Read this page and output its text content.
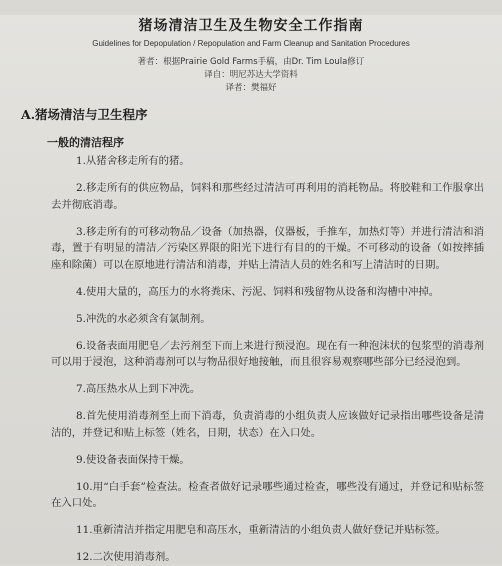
猪场清洁卫生及生物安全工作指南
Guidelines for Depopulation / Repopulation and Farm Cleanup and Sanitation Procedures
著者：根据Prairie Gold Farms手稿，由Dr. Tim Loula修订
译自：明尼苏达大学资料
译者：樊福好
A.猪场清洁与卫生程序
一般的清洁程序

1.从猪舍移走所有的猪。

2.移走所有的供应物品，饲料和那些经过清洁可再利用的消耗物品。将胶鞋和工作服拿出去并彻底消毒。

3.移走所有的可移动物品／设备（加热器，仪器板，手推车，加热灯等）并进行清洁和消毒，置于有明显的清洁／污染区界限的阳光下进行有目的的干燥。不可移动的设备（如按摔插座和除菌）可以在原地进行清洁和消毒，并贴上清洁人员的姓名和写上清洁时的日期。

4.使用大量的，高压力的水将粪床、污泥、饲料和残留物从设备和沟槽中冲掉。

5.冲洗的水必须含有氯制剂。

6.设备表面用肥皂／去污剂至下而上来进行预浸泡。现在有一种泡沫状的包浆型的消毒剂可以用于浸泡，这种消毒剂可以与物品很好地接触，而且很容易观察哪些部分已经浸泡到。

7.高压热水从上到下冲洗。

8.首先使用消毒剂至上而下消毒，负责消毒的小组负责人应该做好记录指出哪些设备是清洁的，并登记和贴上标签（姓名，日期，状态）在入口处。

9.使设备表面保持干燥。

10.用“白手套”检查法。检查者做好记录哪些通过检查，哪些没有通过，并登记和贴标签在入口处。

11.重新清洁并指定用肥皂和高压水，重新清洁的小组负责人做好登记并贴标签。

12.二次使用消毒剂。
